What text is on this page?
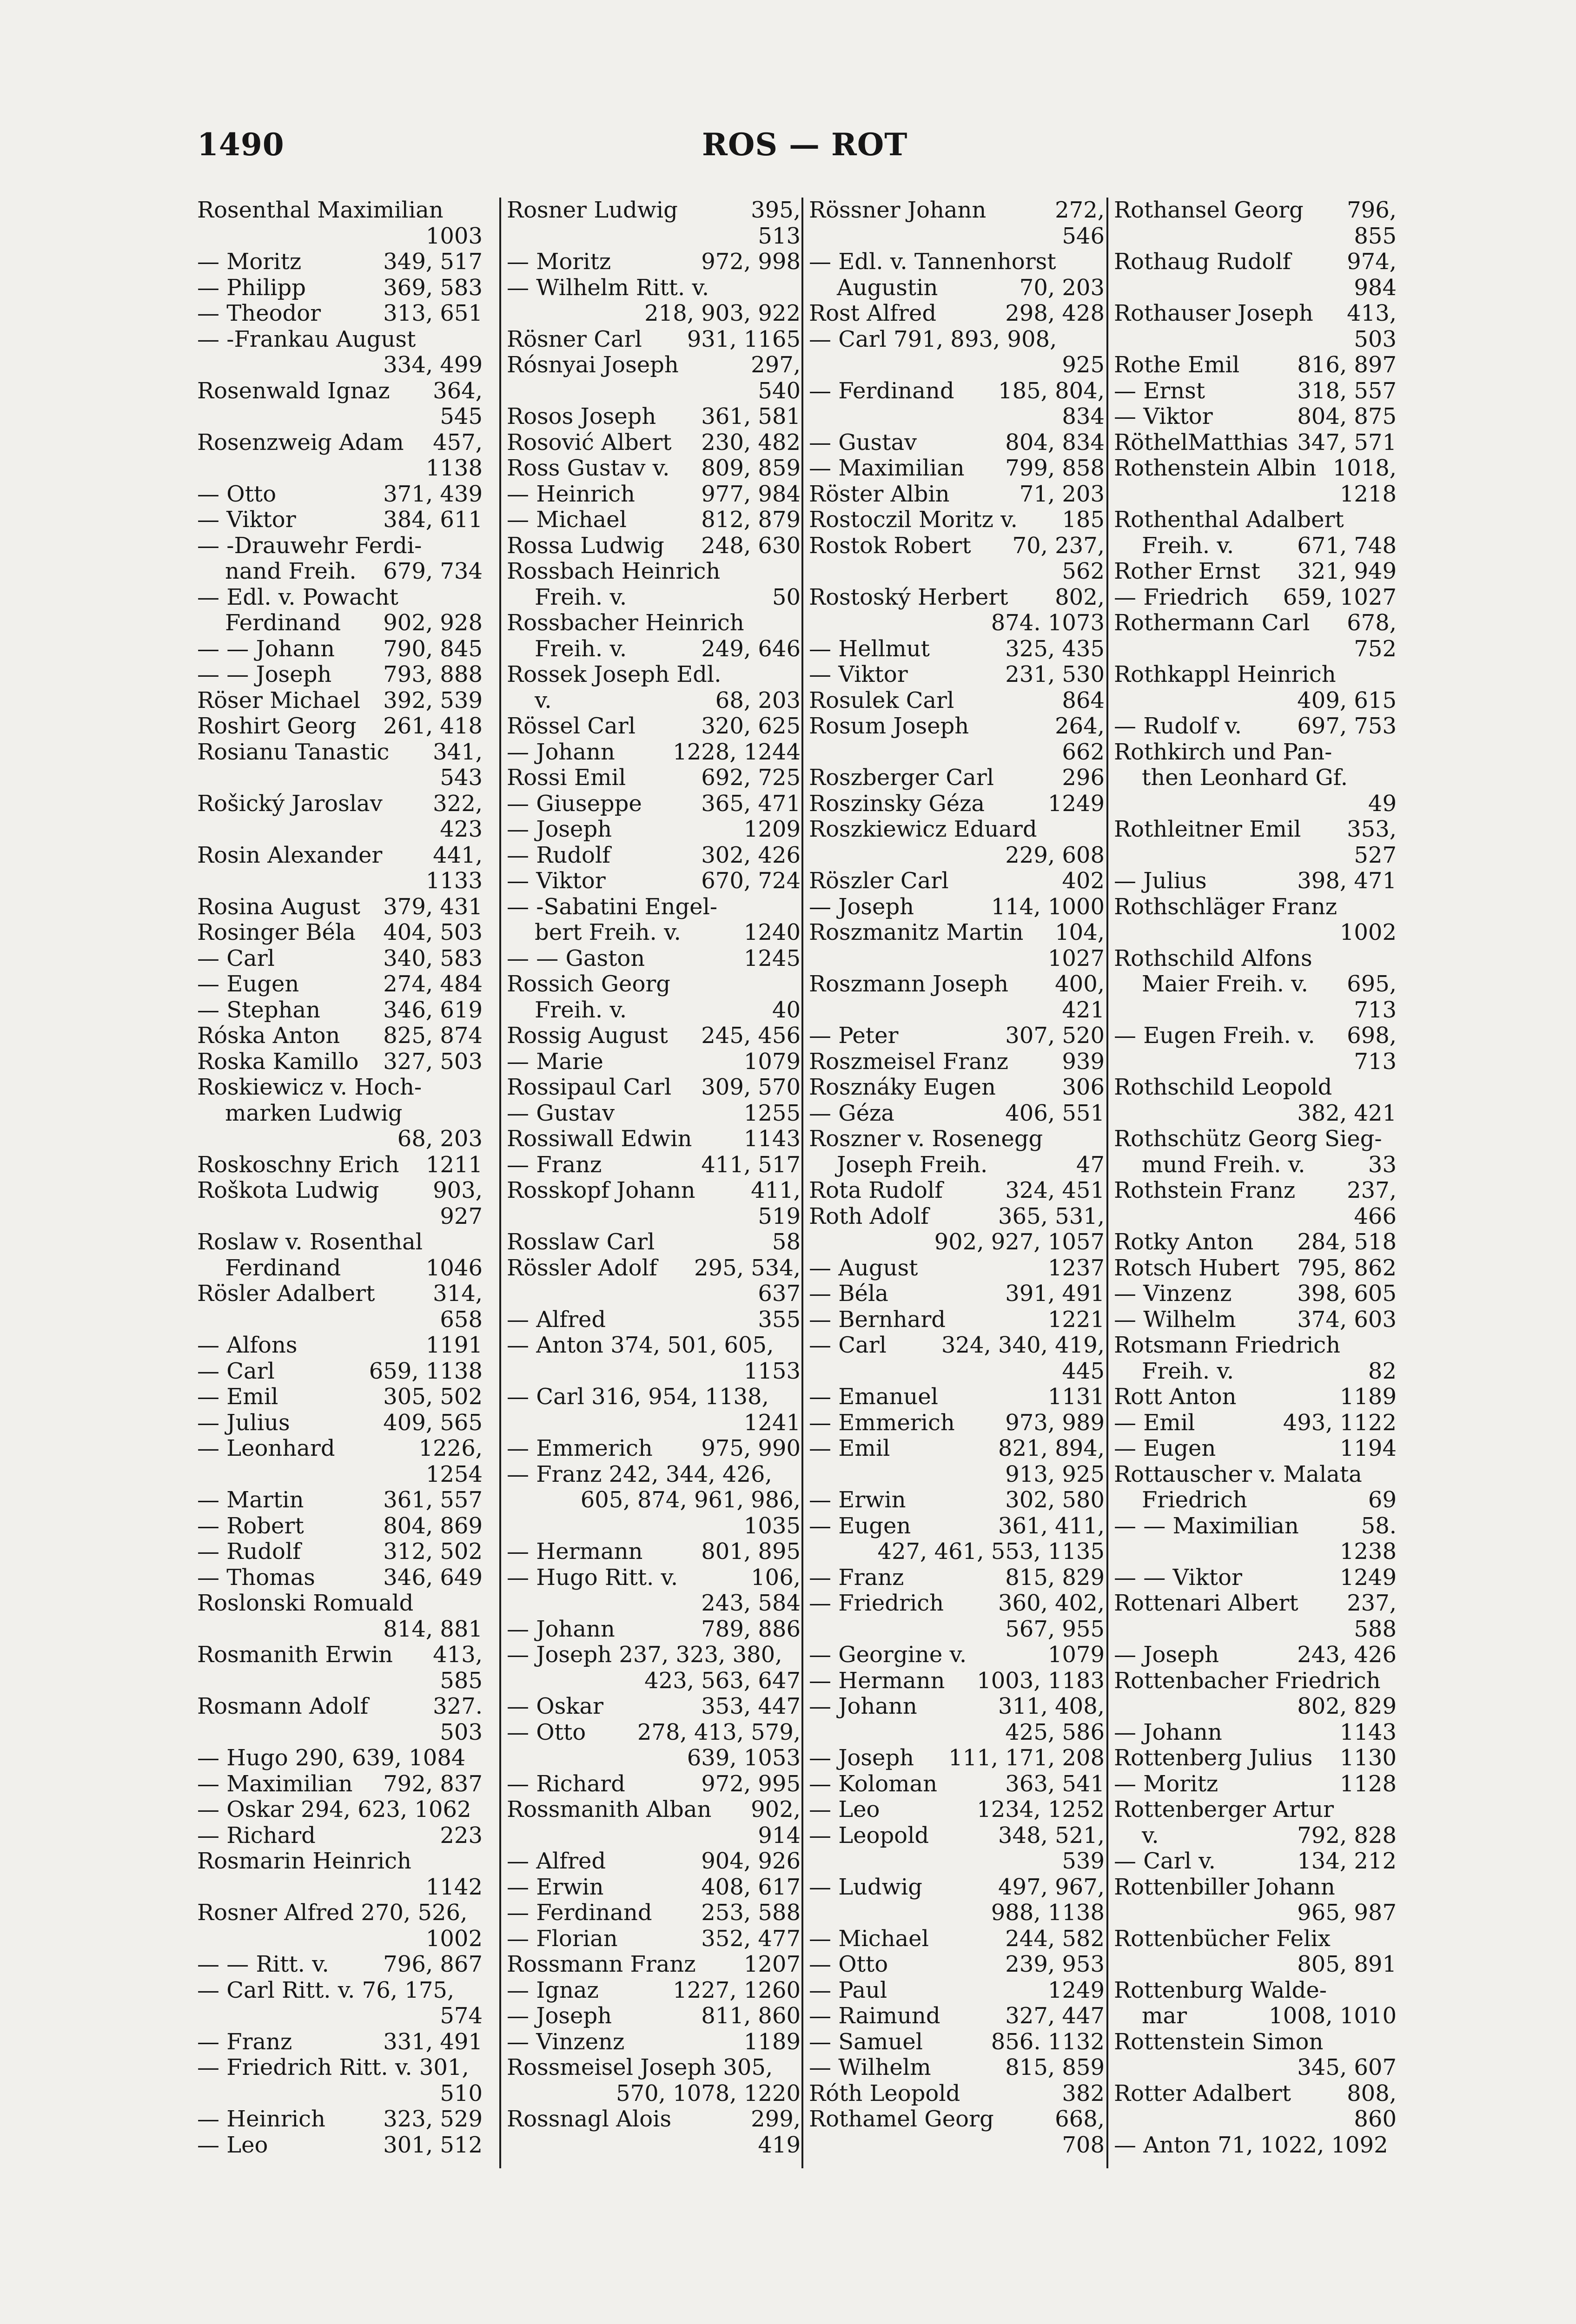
1490	ROS — ROT
Rosenthal Maximilian
1003
— Moritz	349, 517
— Philipp	369, 583
— Theodor	313, 651
— -Frankau August
334, 499
Rosenwald Ignaz 364,
545
Rosenzweig Adam 457,
1138
— Otto	371, 439
— Viktor	384, 611
— -Drauwehr Ferdi-
nand Freih. 679, 734
— Edl. v. Powacht
Ferdinand 902, 928
— — Johann 790, 845
— — Joseph 793, 888
Röser Michael 392, 539
Roshirt Georg 261, 418
Rosianu Tanastic 341,
543
Rošický Jaroslav 322,
423
Rosin Alexander 441,
1133
Rosina August 379, 431
Rosinger Béla 404, 503
— Carl	340, 583
— Eugen	274, 484
— Stephan	346, 619
Róska Anton 825, 874
Roska Kamillo 327, 503
Roskiewicz v. Hoch-
marken Ludwig
68, 203
Roskoschny Erich 1211
Roškota Ludwig 903,
927
Roslaw v. Rosenthal
Ferdinand	1046
Rösler Adalbert	314,
658
— Alfons	1191
— Carl	659, 1138
— Emil	305, 502
— Julius	409, 565
— Leonhard	1226,
1254
— Martin	361, 557
— Robert	804, 869
— Rudolf	312, 502
— Thomas	346, 649
Roslonski Romuald
814, 881
Rosmanith Erwin 413,
585
Rosmann Adolf	327.
503
— Hugo 290, 639, 1084
— Maximilian 792, 837
— Oskar 294, 623, 1062
— Richard	223
Rosmarin Heinrich
1142
Rosner Alfred 270, 526,
1002
— — Ritt. v. 796, 867
— Carl Ritt. v. 76, 175,
574
— Franz	331, 491
— Friedrich Ritt. v. 301,
510
— Heinrich	323, 529
— Leo	301, 512
Rosner Ludwig	395,
513
— Moritz	972, 998
— Wilhelm Ritt. v.
218, 903, 922
Rösner Carl 931, 1165
Rósnyai Joseph	297,
540
Rosos Joseph 361, 581
Rosović Albert 230, 482
Ross Gustav v. 809, 859
— Heinrich	977, 984
— Michael	812, 879
Rossa Ludwig 248, 630
Rossbach Heinrich
Freih. v.	50
Rossbacher Heinrich
Freih. v.	249, 646
Rossek Joseph Edl.
v.	68, 203
Rössel Carl	320, 625
— Johann	1228, 1244
Rossi Emil	692, 725
— Giuseppe	365, 471
— Joseph	1209
— Rudolf	302, 426
— Viktor	670, 724
— -Sabatini Engel-
bert Freih. v.	1240
— — Gaston	1245
Rossich Georg
Freih. v.	40
Rossig August 245, 456
— Marie	1079
Rossipaul Carl 309, 570
— Gustav	1255
Rossiwall Edwin 1143
— Franz	411, 517
Rosskopf Johann 411,
519
Rosslaw Carl	58
Rössler Adolf 295, 534,
637
— Alfred	355
— Anton 374, 501, 605,
1153
— Carl 316, 954, 1138,
1241
— Emmerich 975, 990
— Franz 242, 344, 426,
605, 874, 961, 986,
1035
— Hermann	801, 895
— Hugo Ritt. v.	106,
243, 584
— Johann	789, 886
— Joseph 237, 323, 380,
423, 563, 647
— Oskar	353, 447
— Otto 278, 413, 579,
639, 1053
— Richard	972, 995
Rossmanith Alban 902,
914
— Alfred	904, 926
— Erwin	408, 617
— Ferdinand 253, 588
— Florian	352, 477
Rossmann Franz 1207
— Ignaz	1227, 1260
— Joseph	811, 860
— Vinzenz	1189
Rossmeisel Joseph 305,
570, 1078, 1220
Rossnagl Alois	299,
419
Rössner Johann	272,
546
— Edl. v. Tannenhorst
Augustin	70, 203
Rost Alfred	298, 428
— Carl 791, 893, 908,
925
— Ferdinand 185, 804,
834
— Gustav	804, 834
— Maximilian 799, 858
Röster Albin	71, 203
Rostoczil Moritz v. 185
Rostok Robert 70, 237,
562
Rostoský Herbert 802,
874. 1073
— Hellmut	325, 435
— Viktor	231, 530
Rosulek Carl	864
Rosum Joseph	264,
662
Roszberger Carl	296
Roszinsky Géza	1249
Roszkiewicz Eduard
229, 608
Röszler Carl	402
— Joseph	114, 1000
Roszmanitz Martin 104,
1027
Roszmann Joseph 400,
421
— Peter	307, 520
Roszmeisel Franz 939
Rosznáky Eugen	306
— Géza	406, 551
Roszner v. Rosenegg
Joseph Freih.	47
Rota Rudolf	324, 451
Roth Adolf	365, 531,
902, 927, 1057
— August	1237
— Béla	391, 491
— Bernhard	1221
— Carl 324, 340, 419,
445
— Emanuel	1131
— Emmerich 973, 989
— Emil	821, 894,
913, 925
— Erwin	302, 580
— Eugen	361, 411,
427, 461, 553, 1135
— Franz	815, 829
— Friedrich 360, 402,
567, 955
— Georgine v.	1079
— Hermann 1003, 1183
— Johann	311, 408,
425, 586
— Joseph 111, 171, 208
— Koloman	363, 541
— Leo	1234, 1252
— Leopold	348, 521,
539
— Ludwig	497, 967,
988, 1138
— Michael	244, 582
— Otto	239, 953
— Paul	1249
— Raimund	327, 447
— Samuel	856. 1132
— Wilhelm	815, 859
Róth Leopold	382
Rothamel Georg	668,
708
Rothansel Georg 796,
855
Rothaug Rudolf	974,
984
Rothauser Joseph 413,
503
Rothe Emil	816, 897
— Ernst	318, 557
— Viktor	804, 875
RöthelMatthias 347, 571
Rothenstein Albin 1018,
1218
Rothenthal Adalbert
Freih. v.	671, 748
Rother Ernst 321, 949
— Friedrich 659, 1027
Rothermann Carl 678,
752
Rothkappl Heinrich
409, 615
— Rudolf v. 697, 753
Rothkirch und Pan-
then Leonhard Gf.
49
Rothleitner Emil 353,
527
— Julius	398, 471
Rothschläger Franz
1002
Rothschild Alfons
Maier Freih. v. 695,
713
— Eugen Freih. v. 698,
713
Rothschild Leopold
382, 421
Rothschütz Georg Sieg-
mund Freih. v.	33
Rothstein Franz 237,
466
Rotky Anton 284, 518
Rotsch Hubert 795, 862
— Vinzenz	398, 605
— Wilhelm	374, 603
Rotsmann Friedrich
Freih. v.	82
Rott Anton	1189
— Emil	493, 1122
— Eugen	1194
Rottauscher v. Malata
Friedrich	69
— — Maximilian	58.
1238
— — Viktor	1249
Rottenari Albert 237,
588
— Joseph	243, 426
Rottenbacher Friedrich
802, 829
— Johann	1143
Rottenberg Julius 1130
— Moritz	1128
Rottenberger Artur
v.	792, 828
— Carl v.	134, 212
Rottenbiller Johann
965, 987
Rottenbücher Felix
805, 891
Rottenburg Walde-
mar	1008, 1010
Rottenstein Simon
345, 607
Rotter Adalbert	808,
860
— Anton 71, 1022, 1092
